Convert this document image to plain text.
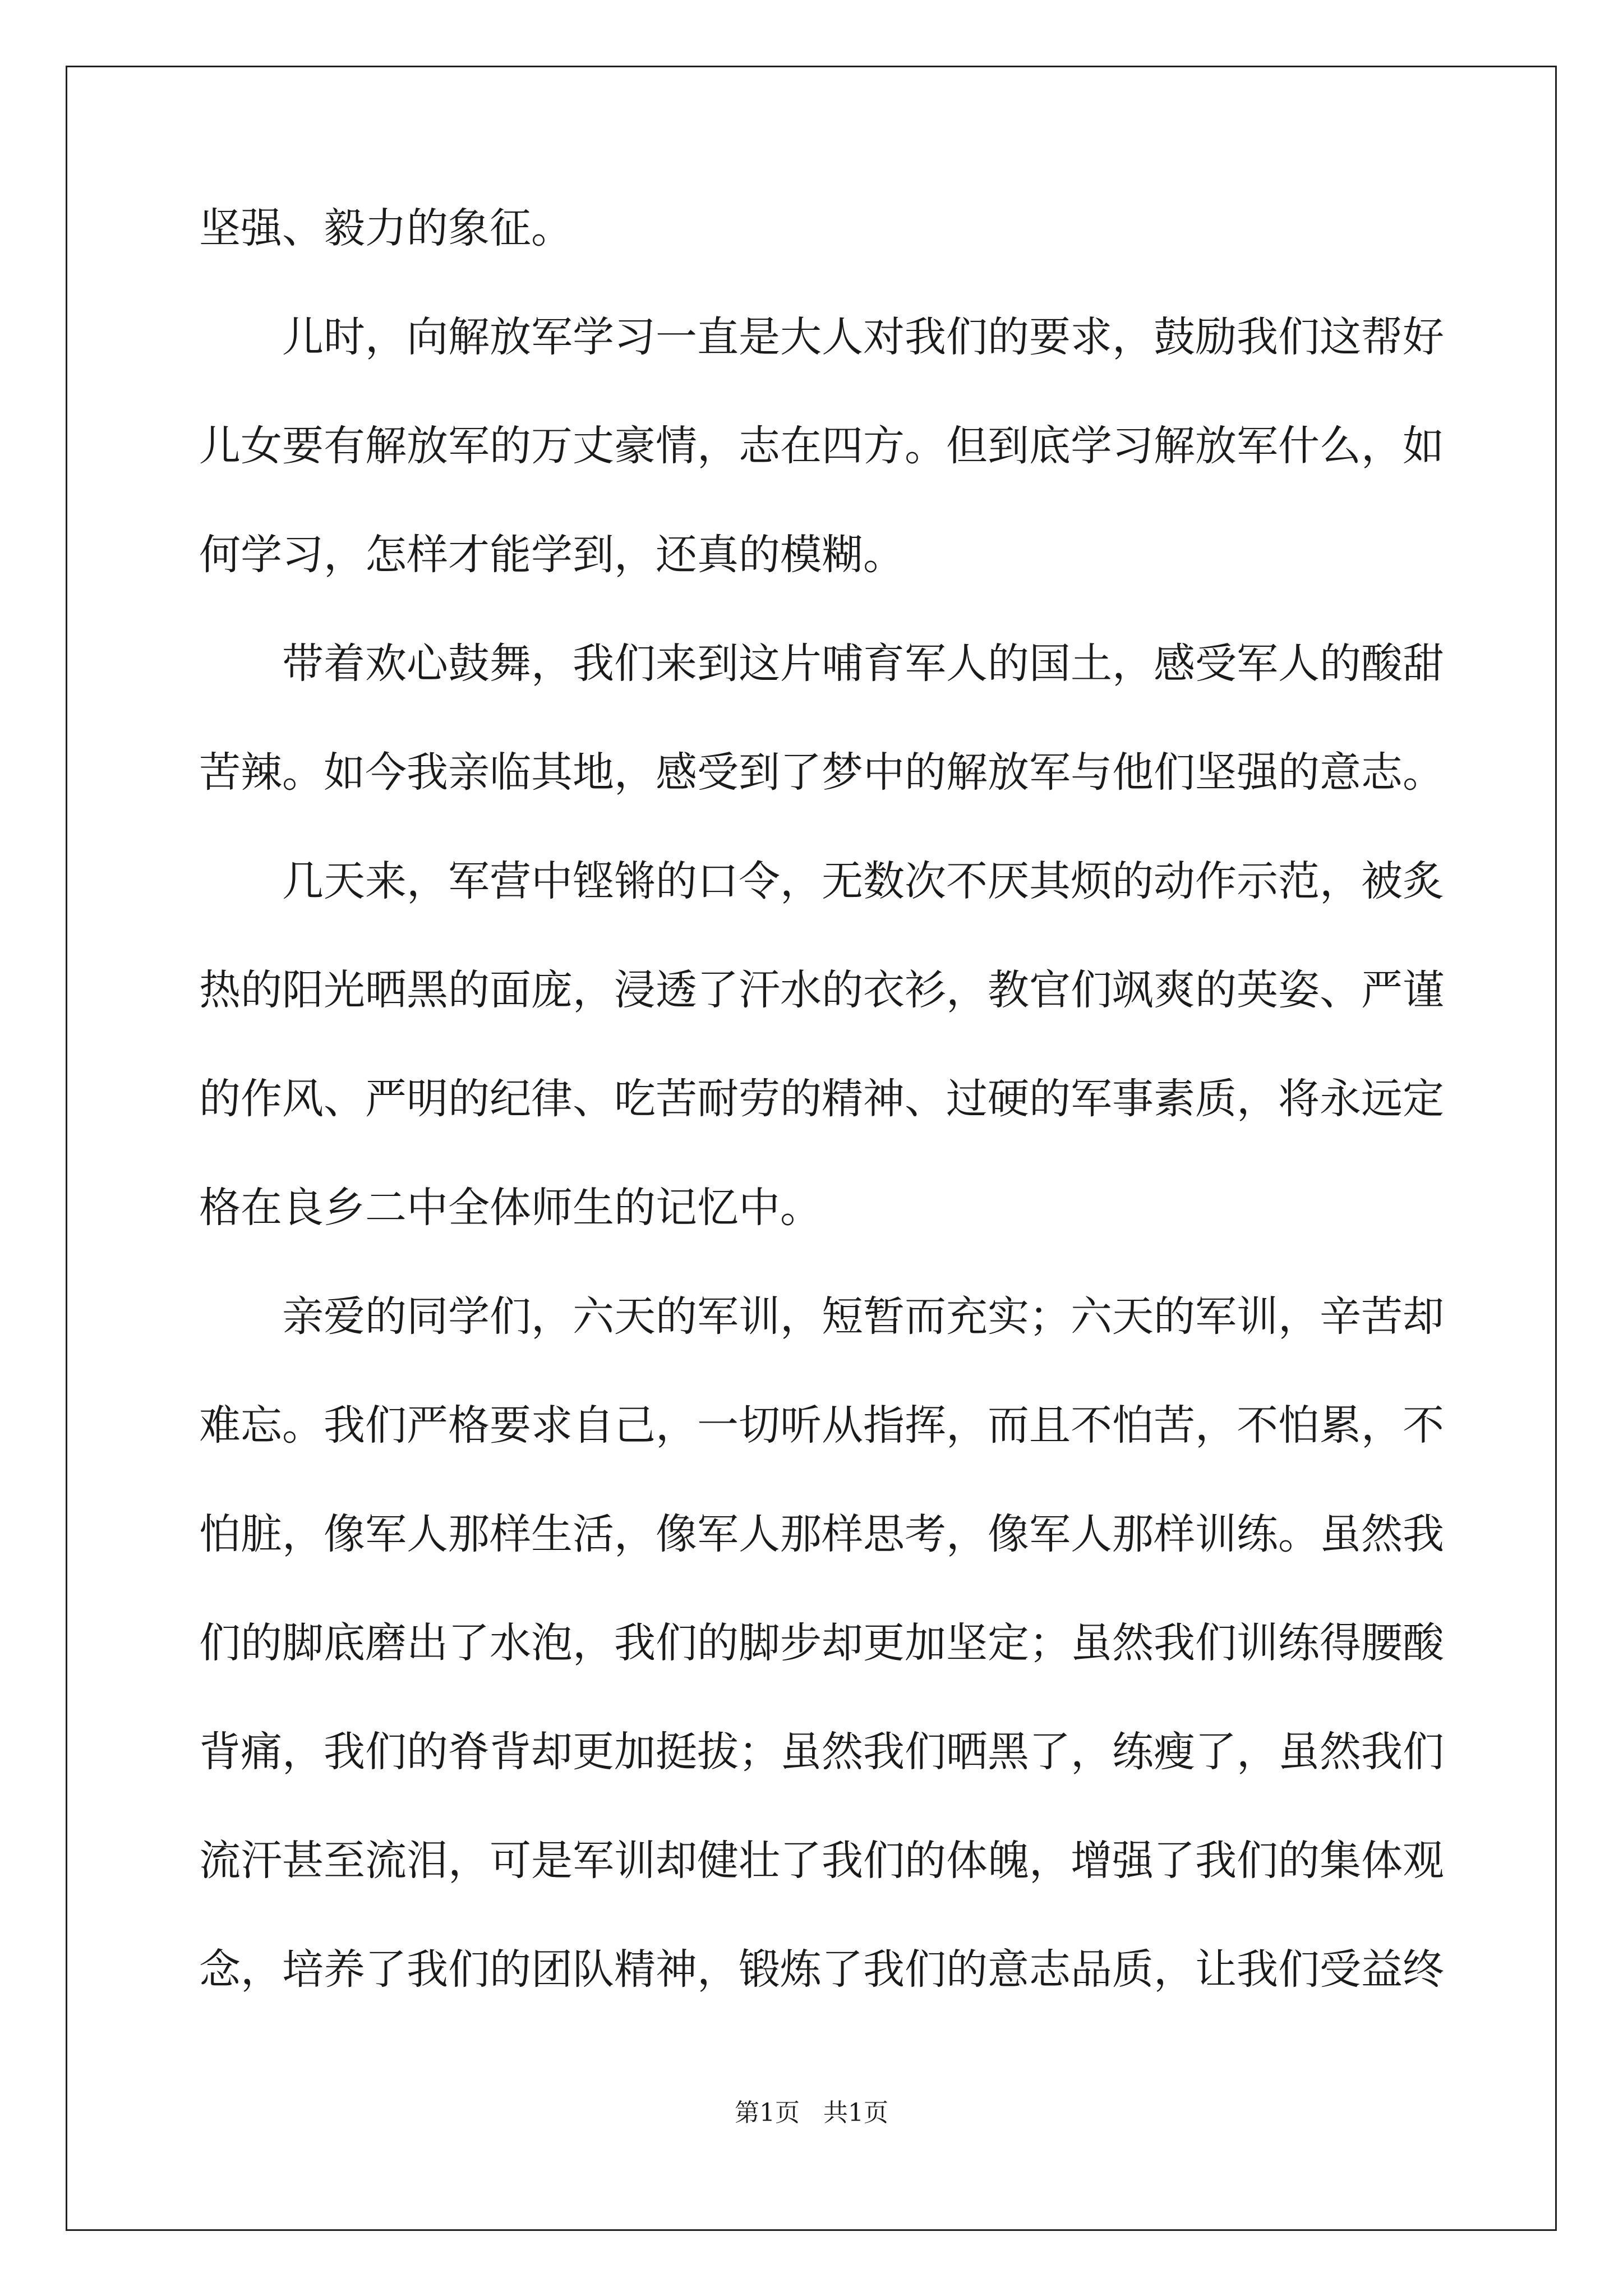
坚强、毅力的象征。
儿时，向解放军学习一直是大人对我们的要求，鼓励我们这帮好
儿女要有解放军的万丈豪情，志在四方。但到底学习解放军什么，如
何学习，怎样才能学到，还真的模糊。
带着欢心鼓舞，我们来到这片哺育军人的国土，感受军人的酸甜
苦辣。如今我亲临其地，感受到了梦中的解放军与他们坚强的意志。
几天来，军营中铿锵的口令，无数次不厌其烦的动作示范，被炙
热的阳光晒黑的面庞，浸透了汗水的衣衫，教官们飒爽的英姿、严谨
的作风、严明的纪律、吃苦耐劳的精神、过硬的军事素质，将永远定
格在良乡二中全体师生的记忆中。
亲爱的同学们，六天的军训，短暂而充实；六天的军训，辛苦却
难忘。我们严格要求自己，一切听从指挥，而且不怕苦，不怕累，不
怕脏，像军人那样生活，像军人那样思考，像军人那样训练。虽然我
们的脚底磨出了水泡，我们的脚步却更加坚定；虽然我们训练得腰酸
背痛，我们的脊背却更加挺拔；虽然我们晒黑了，练瘦了，虽然我们
流汗甚至流泪，可是军训却健壮了我们的体魄，增强了我们的集体观
念，培养了我们的团队精神，锻炼了我们的意志品质，让我们受益终
第1页   共1页
